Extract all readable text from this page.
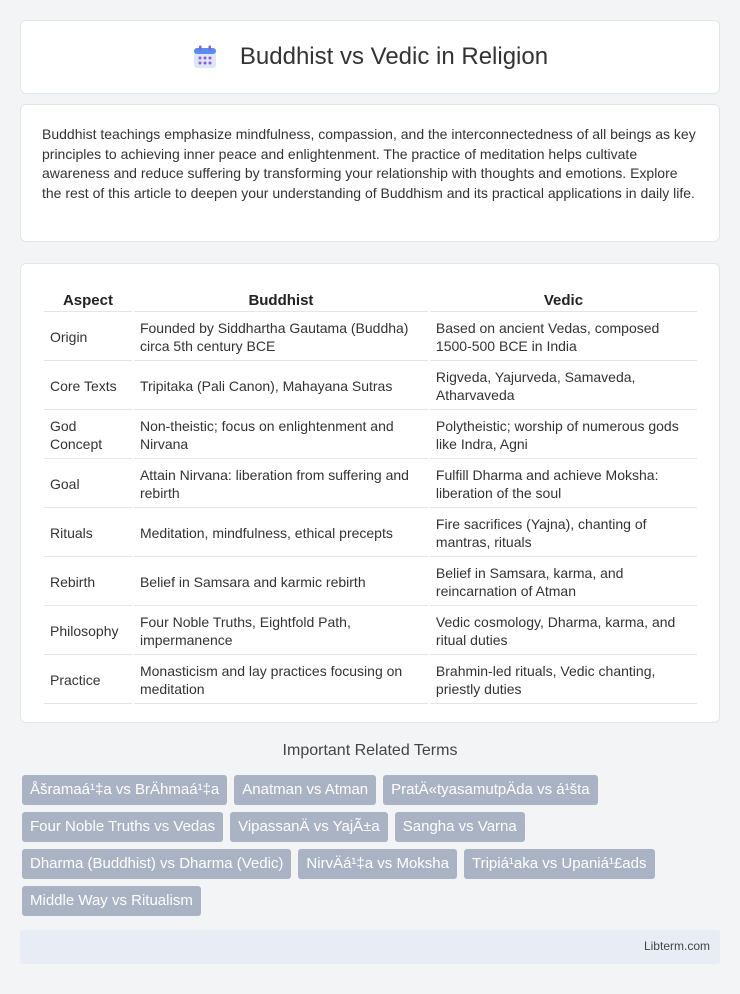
Buddhist vs Vedic in Religion

Buddhist teachings emphasize mindfulness, compassion, and the interconnectedness of all beings as key principles to achieving inner peace and enlightenment. The practice of meditation helps cultivate awareness and reduce suffering by transforming your relationship with thoughts and emotions. Explore the rest of this article to deepen your understanding of Buddhism and its practical applications in daily life.

Aspect	Buddhist	Vedic
Origin	Founded by Siddhartha Gautama (Buddha) circa 5th century BCE	Based on ancient Vedas, composed 1500-500 BCE in India
Core Texts	Tripitaka (Pali Canon), Mahayana Sutras	Rigveda, Yajurveda, Samaveda, Atharvaveda
God Concept	Non-theistic; focus on enlightenment and Nirvana	Polytheistic; worship of numerous gods like Indra, Agni
Goal	Attain Nirvana: liberation from suffering and rebirth	Fulfill Dharma and achieve Moksha: liberation of the soul
Rituals	Meditation, mindfulness, ethical precepts	Fire sacrifices (Yajna), chanting of mantras, rituals
Rebirth	Belief in Samsara and karmic rebirth	Belief in Samsara, karma, and reincarnation of Atman
Philosophy	Four Noble Truths, Eightfold Path, impermanence	Vedic cosmology, Dharma, karma, and ritual duties
Practice	Monasticism and lay practices focusing on meditation	Brahmin-led rituals, Vedic chanting, priestly duties
Important Related Terms
Åšramaá¹‡a vs BrÄhmaá¹‡a	Anatman vs Atman	PratÄ«tyasamutpÄda vs á¹šta
Four Noble Truths vs Vedas	VipassanÄ vs YajÃ±a	Sangha vs Varna
Dharma (Buddhist) vs Dharma (Vedic)	NirvÄá¹‡a vs Moksha	Tripiá¹aka vs Upaniá¹£ads
Middle Way vs Ritualism
Libterm.com
